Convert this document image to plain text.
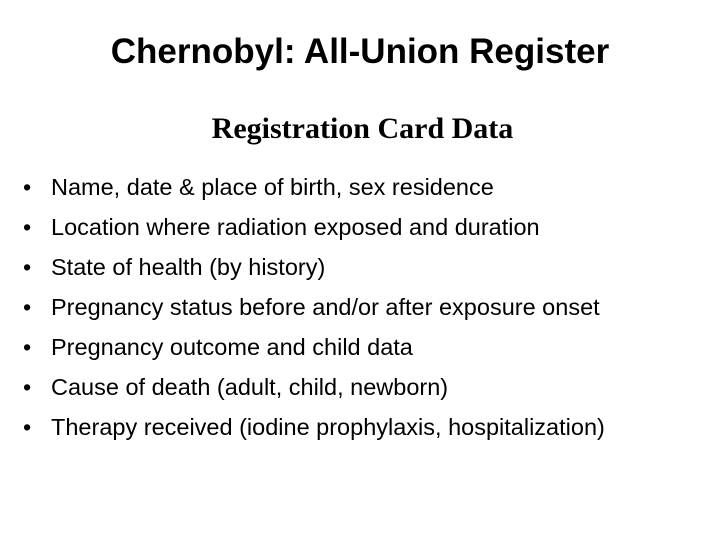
Chernobyl: All-Union Register
Registration Card Data
• Name, date & place of birth, sex residence
• Location where radiation exposed and duration
• State of health (by history)
• Pregnancy status before and/or after exposure onset
• Pregnancy outcome and child data
• Cause of death (adult, child, newborn)
• Therapy received (iodine prophylaxis, hospitalization)
